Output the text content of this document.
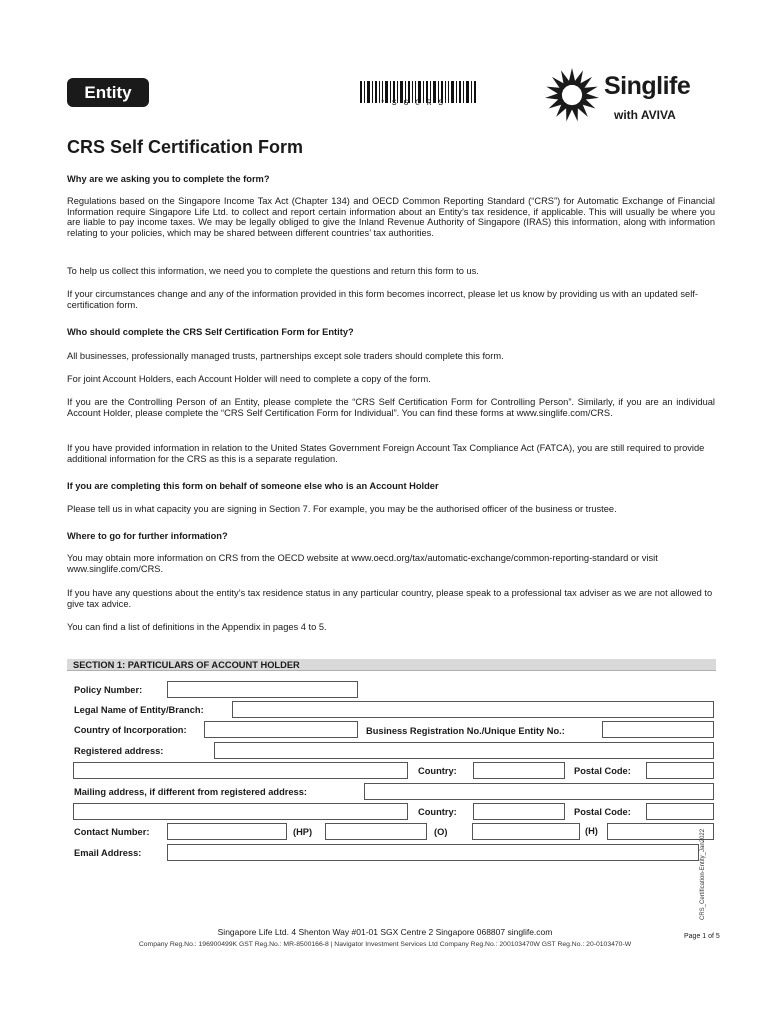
Entity
* S G C R S *
Singlife
with AVIVA
CRS Self Certification Form
Why are we asking you to complete the form?
Regulations based on the Singapore Income Tax Act (Chapter 134) and OECD Common Reporting Standard (“CRS”) for Automatic Exchange of Financial Information require Singapore Life Ltd. to collect and report certain information about an Entity’s tax residence, if applicable. This will usually be where you are liable to pay income taxes. We may be legally obliged to give the Inland Revenue Authority of Singapore (IRAS) this information, along with information relating to your policies, which may be shared between different countries’ tax authorities.
To help us collect this information, we need you to complete the questions and return this form to us.
If your circumstances change and any of the information provided in this form becomes incorrect, please let us know by providing us with an updated self-certification form.
Who should complete the CRS Self Certification Form for Entity?
All businesses, professionally managed trusts, partnerships except sole traders should complete this form.
For joint Account Holders, each Account Holder will need to complete a copy of the form.
If you are the Controlling Person of an Entity, please complete the “CRS Self Certification Form for Controlling Person”. Similarly, if you are an individual Account Holder, please complete the “CRS Self Certification Form for Individual”. You can find these forms at www.singlife.com/CRS.
If you have provided information in relation to the United States Government Foreign Account Tax Compliance Act (FATCA), you are still required to provide additional information for the CRS as this is a separate regulation.
If you are completing this form on behalf of someone else who is an Account Holder
Please tell us in what capacity you are signing in Section 7. For example, you may be the authorised officer of the business or trustee.
Where to go for further information?
You may obtain more information on CRS from the OECD website at www.oecd.org/tax/automatic-exchange/common-reporting-standard or visit www.singlife.com/CRS.
If you have any questions about the entity’s tax residence status in any particular country, please speak to a professional tax adviser as we are not allowed to give tax advice.
You can find a list of definitions in the Appendix in pages 4 to 5.
SECTION 1: PARTICULARS OF ACCOUNT HOLDER
Policy Number:
Legal Name of Entity/Branch:
Country of Incorporation:	Business Registration No./Unique Entity No.:
Registered address:
Country:	Postal Code:
Mailing address, if different from registered address:
Country:	Postal Code:
Contact Number:	(HP)	(O)	(H)
Email Address:	CRS_Certification-Entity_Jan2022
Singapore Life Ltd. 4 Shenton Way #01-01 SGX Centre 2 Singapore 068807 singlife.com
Company Reg.No.: 196900499K GST Reg.No.: MR-8500166-8 | Navigator Investment Services Ltd Company Reg.No.: 200103470W GST Reg.No.: 20-0103470-W
Page 1 of 5
